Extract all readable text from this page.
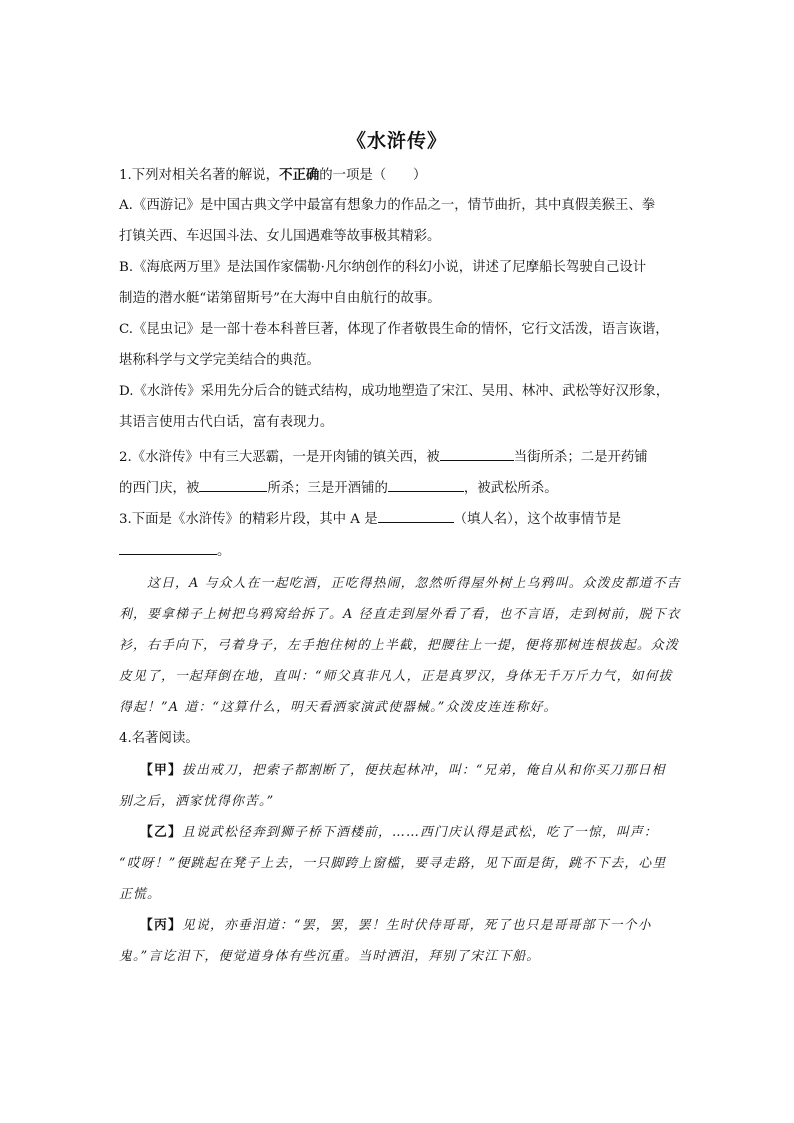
《水浒传》
1.下列对相关名著的解说，不正确的一项是（　　）
A.《西游记》是中国古典文学中最富有想象力的作品之一，情节曲折，其中真假美猴王、拳
打镇关西、车迟国斗法、女儿国遇难等故事极其精彩。
B.《海底两万里》是法国作家儒勒·凡尔纳创作的科幻小说，讲述了尼摩船长驾驶自己设计
制造的潜水艇“诺第留斯号”在大海中自由航行的故事。
C.《昆虫记》是一部十卷本科普巨著，体现了作者敬畏生命的情怀，它行文活泼，语言诙谐，
堪称科学与文学完美结合的典范。
D.《水浒传》采用先分后合的链式结构，成功地塑造了宋江、吴用、林冲、武松等好汉形象，
其语言使用古代白话，富有表现力。
2.《水浒传》中有三大恶霸，一是开肉铺的镇关西，被	当街所杀；二是开药铺
的西门庆，被	所杀；三是开酒铺的	，被武松所杀。
3.下面是《水浒传》的精彩片段，其中 A 是	（填人名），这个故事情节是
。
　　这日，A 与众人在一起吃酒，正吃得热闹，忽然听得屋外树上乌鸦叫。众泼皮都道不吉
利，要拿梯子上树把乌鸦窝给拆了。A 径直走到屋外看了看，也不言语，走到树前，脱下衣
衫，右手向下，弓着身子，左手抱住树的上半截，把腰往上一提，便将那树连根拔起。众泼
皮见了，一起拜倒在地，直叫：“师父真非凡人，正是真罗汉，身体无千万斤力气，如何拔
得起！”A 道：“这算什么，明天看洒家演武使器械。”众泼皮连连称好。
4.名著阅读。
【甲】拔出戒刀，把索子都割断了，便扶起林冲，叫：“兄弟，俺自从和你买刀那日相
别之后，洒家忧得你苦。”
【乙】且说武松径奔到狮子桥下酒楼前，……西门庆认得是武松，吃了一惊，叫声：
“哎呀！”便跳起在凳子上去，一只脚跨上窗槛，要寻走路，见下面是街，跳不下去，心里
正慌。
【丙】见说，亦垂泪道：“罢，罢，罢！生时伏侍哥哥，死了也只是哥哥部下一个小
鬼。”言讫泪下，便觉道身体有些沉重。当时洒泪，拜别了宋江下船。
